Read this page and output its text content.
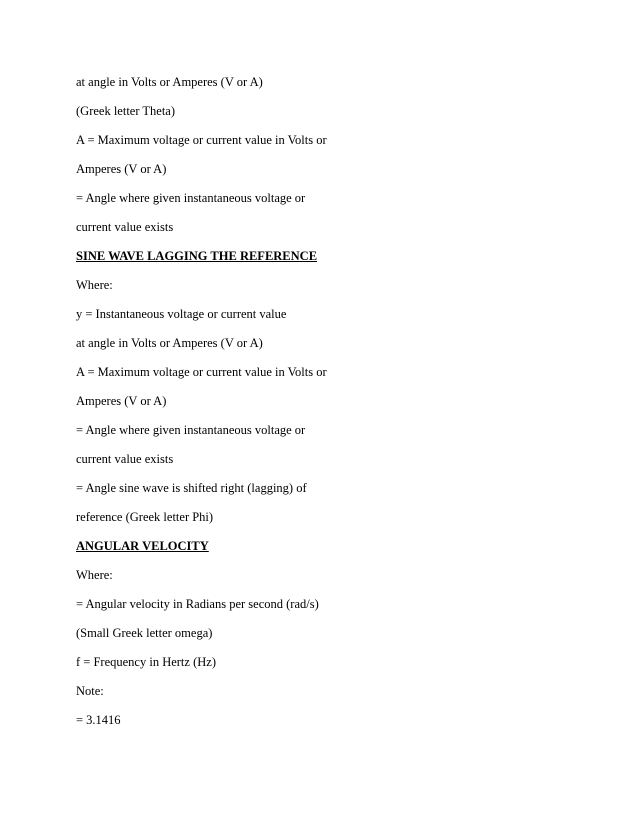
at angle in Volts or Amperes (V or A)
(Greek letter Theta)
A = Maximum voltage or current value in Volts or
Amperes (V or A)
= Angle where given instantaneous voltage or
current value exists
SINE WAVE LAGGING THE REFERENCE
Where:
y = Instantaneous voltage or current value
at angle in Volts or Amperes (V or A)
A = Maximum voltage or current value in Volts or
Amperes (V or A)
= Angle where given instantaneous voltage or
current value exists
= Angle sine wave is shifted right (lagging) of
reference (Greek letter Phi)
ANGULAR VELOCITY
Where:
= Angular velocity in Radians per second (rad/s)
(Small Greek letter omega)
f = Frequency in Hertz (Hz)
Note:
= 3.1416
